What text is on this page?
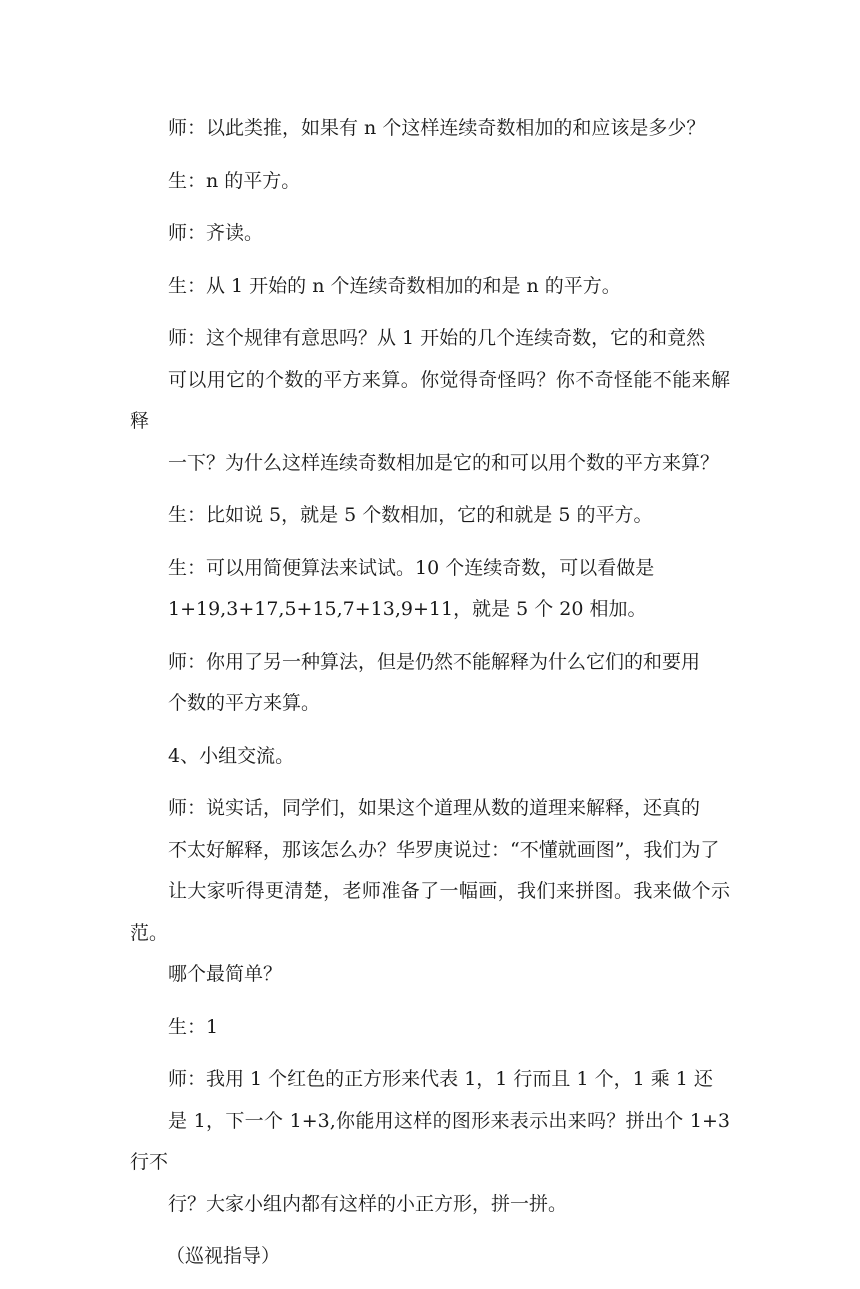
师：以此类推，如果有 n 个这样连续奇数相加的和应该是多少？

生：n 的平方。

师：齐读。

生：从 1 开始的 n 个连续奇数相加的和是 n 的平方。

师：这个规律有意思吗？从 1 开始的几个连续奇数，它的和竟然
可以用它的个数的平方来算。你觉得奇怪吗？你不奇怪能不能来解释
一下？为什么这样连续奇数相加是它的和可以用个数的平方来算？

生：比如说 5，就是 5 个数相加，它的和就是 5 的平方。

生：可以用简便算法来试试。10 个连续奇数，可以看做是
1+19,3+17,5+15,7+13,9+11，就是 5 个 20 相加。

师：你用了另一种算法，但是仍然不能解释为什么它们的和要用
个数的平方来算。

4、小组交流。

师：说实话，同学们，如果这个道理从数的道理来解释，还真的
不太好解释，那该怎么办？华罗庚说过：“不懂就画图”，我们为了
让大家听得更清楚，老师准备了一幅画，我们来拼图。我来做个示范。
哪个最简单？

生：1

师：我用 1 个红色的正方形来代表 1，1 行而且 1 个，1 乘 1 还
是 1，下一个 1+3,你能用这样的图形来表示出来吗？拼出个 1+3 行不
行？大家小组内都有这样的小正方形，拼一拼。

（巡视指导）
